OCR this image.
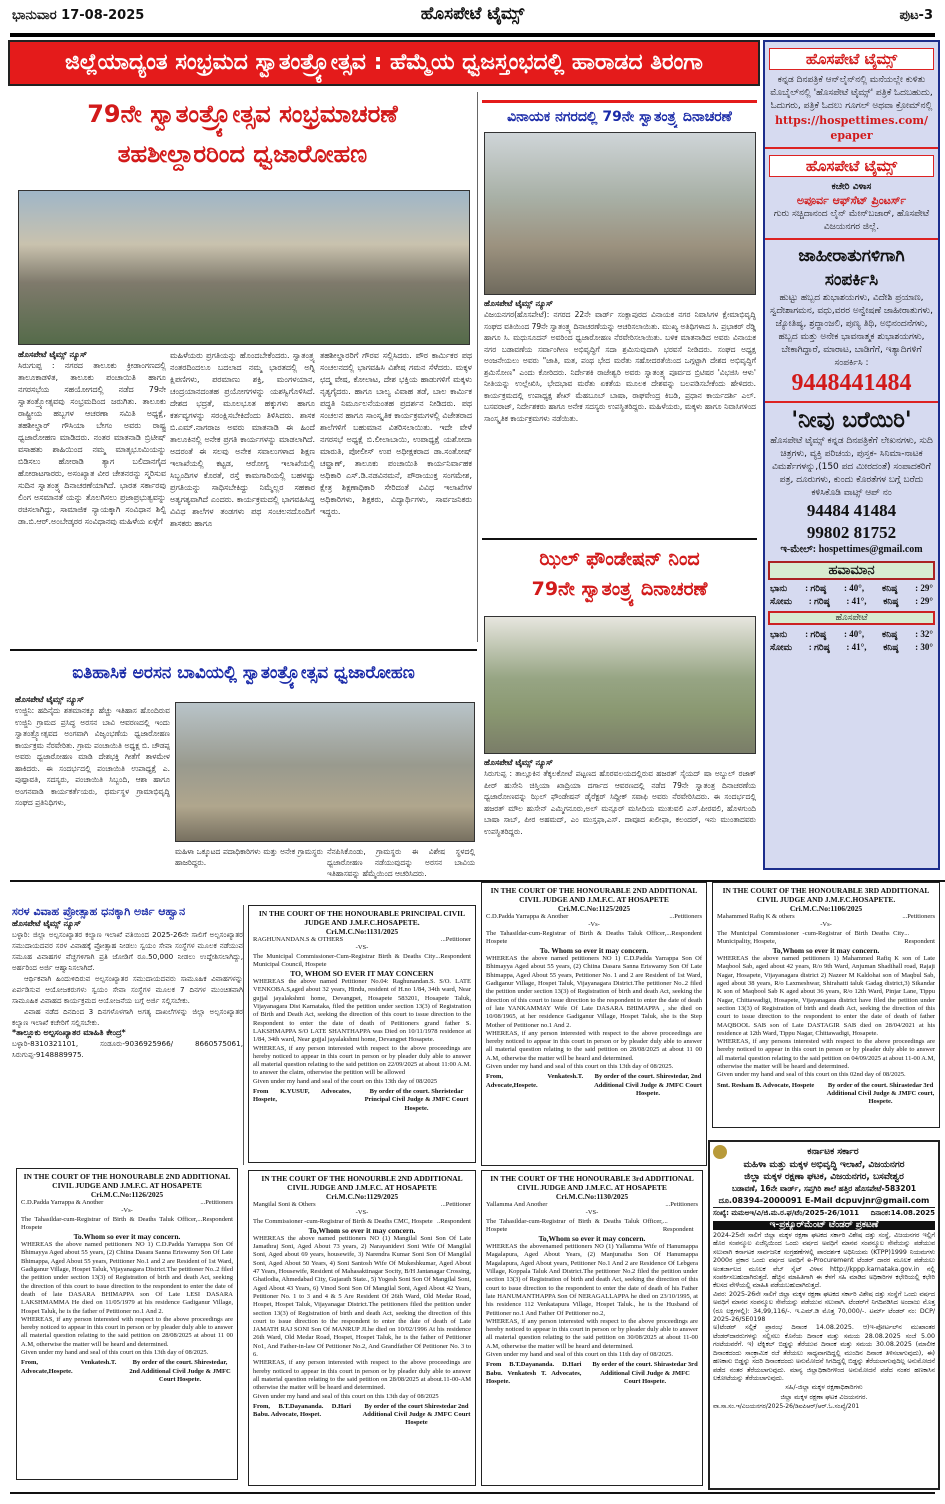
ಭಾನುವಾರ 17-08-2025	ಹೊಸಪೇಟೆ ಟೈಮ್ಸ್	ಪುಟ-3
ಜಿಲ್ಲೆಯಾದ್ಯಂತ ಸಂಭ್ರಮದ ಸ್ವಾತಂತ್ರ್ಯೋತ್ಸವ : ಹೆಮ್ಮೆಯ ಧ್ವಜಸ್ತಂಭದಲ್ಲಿ ಹಾರಾಡದ ತಿರಂಗಾ
79ನೇ ಸ್ವಾತಂತ್ರ್ಯೋತ್ಸವ ಸಂಭ್ರಮಾಚರಣೆ
ತಹಶೀಲ್ದಾರರಿಂದ ಧ್ವಜಾರೋಹಣ
ಹೊಸಪೇಟೆ ಟೈಮ್ಸ್ ನ್ಯೂಸ್
ಸಿರುಗುಪ್ಪ : ನಗರದ ತಾಲೂಕು ಕ್ರೀಡಾಂಗಣದಲ್ಲಿ ತಾಲೂಕಾಡಳಿತ, ತಾಲೂಕು ಪಂಚಾಯಿತಿ ಹಾಗೂ ನಗರಸಭೆಯ ಸಹಯೋಗದಲ್ಲಿ ನಡೆದ 79ನೇ ಸ್ವಾತಂತ್ರ್ಯೋತ್ಸವವು ಸಂಭ್ರಮದಿಂದ ಜರುಗಿತು. ತಾಲೂಕು ರಾಷ್ಟ್ರೀಯ ಹಬ್ಬಗಳ ಆಚರಣಾ ಸಮಿತಿ ಅಧ್ಯಕ್ಷೆ, ತಹಶೀಲ್ದಾರ್ ಗೌಸಿಯಾ ಬೇಗಂ ಅವರು ರಾಷ್ಟ್ರ ಧ್ವಜಾರೋಹಣ ಮಾಡಿದರು. ನಂತರ ಮಾತನಾಡಿ ಬ್ರಿಟೀಷ್ ವಸಾಹತು ಶಾಹಿಯಿಂದ ನಮ್ಮ ಮಾತೃಭೂಮಿಯನ್ನು ಬಿಡಿಸಲು ಹೋರಾಡಿ ತ್ಯಾಗ ಬಲಿದಾನಗೈದ ಹೋರಾಟಗಾರರು, ಅಸಂಖ್ಯಾತ ವೀರ ಚೇತನರನ್ನು ಸ್ಮರಿಸುವ ಸುದಿನ ಸ್ವಾತಂತ್ರ್ಯ ದಿನಾಚರಣೆಯಾಗಿದೆ. ಭಾರತ ಸರ್ಕಾರವು ಲಿಂಗ ಅಸಮಾನತೆ ಯನ್ನು ತೊಲಗಿಸಲು ಪ್ರಜಾಪ್ರಭುತ್ವವನ್ನು ರಚಿಸಲಾಗಿದ್ದು, ಸಾಮಾಜಿಕ ನ್ಯಾಯಕ್ಕಾಗಿ ಸಂವಿಧಾನ ಶಿಲ್ಪಿ ಡಾ.ಬಿ.ಆರ್.ಅಂಬೇಡ್ಕರರ ಸಂವಿಧಾನವು ಮಹಿಳೆಯ ಏಳ್ಗೆಗೆ
ಮಹಿಳೆಯರು ಪ್ರಗತಿಯನ್ನು ಹೊಂದಬೇಕೆಂದರು. ಸ್ವಾತಂತ್ರ್ಯ ನಂತರದಿಂದಲೂ ಬದಲಾದ ನಮ್ಮ ಭಾರತದಲ್ಲಿ ಅಗ್ನಿ ಕ್ಷಿಪಣಿಗಳು, ಪರಮಾಣು ಶಕ್ತಿ, ಮಂಗಳಯಾನ, ಚಂದ್ರಯಾನದಂತಹ ಪ್ರಯೋಗಗಳನ್ನು ಯಶಸ್ವಿಗೊಳಿಸಿದೆ. ದೇಶದ ಭದ್ರತೆ, ಮೂಲಭೂತ ಹಕ್ಕುಗಳು ಹಾಗೂ ಕರ್ತವ್ಯಗಳನ್ನು ಸರಂಕ್ಷಿಸಬೇಕಿದೆಂದು ತಿಳಿಸಿದರು. ಶಾಸಕ ಬಿ.ಎಮ್.ನಾಗರಾಜ ಅವರು ಮಾತನಾಡಿ ಈ ಹಿಂದೆ ತಾಲೂಕಿನಲ್ಲಿ ಅನೇಕ ಪ್ರಗತಿ ಕಾರ್ಯಗಳನ್ನು ಮಾಡಲಾಗಿದೆ. ಅದರಂತೆ ಈ ಸಲವು ಅನೇಕ ಸವಾಲುಗಳಾದ ಶಿಕ್ಷಣ ಇಲಾಖೆಯಲ್ಲಿ ಕಟ್ಟಡ, ಆರೋಗ್ಯ ಇಲಾಖೆಯಲ್ಲಿ ಸಿಬ್ಬಂದಿಗಳ ಕೊರತೆ, ರಸ್ತೆ ಕಾಮಗಾರಿಯಲ್ಲಿ ಬಹಳಷ್ಟು ಪ್ರಗತಿಯನ್ನು ಸಾಧಿಸಬೇಕಿದ್ದು ನಿಮ್ಮೆಲ್ಲರ ಸಹಕಾರ ಅತ್ಯಗತ್ಯವಾಗಿದೆ ಎಂದರು. ಕಾರ್ಯಕ್ರಮದಲ್ಲಿ ಭಾಗವಹಿಸಿದ್ದ ವಿವಿಧ ಶಾಲೆಗಳ ತಂಡಗಳು ಪಥ ಸಂಚಲನದೊಂದಿಗೆ ಶಾಸಕರು ಹಾಗೂ
ತಹಶೀಲ್ದಾರರಿಗೆ ಗೌರವ ಸಲ್ಲಿಸಿದರು. ಪೌರ ಕಾರ್ಮಿಕರ ಪಥ ಸಂಚಲನದಲ್ಲಿ ಭಾಗವಹಿಸಿ ವಿಶೇಷ ಗಮನ ಸೆಳೆದರು. ಮಕ್ಕಳ ಛದ್ಮ ವೇಷ, ಕೋಲಾಟ, ದೇಶ ಭಕ್ತಿಯ ಹಾಡುಗಳಿಗೆ ಮಕ್ಕಳು ನೃತ್ಯಗೈದರು. ಹಾಗೂ ಬಾಲ್ಯ ವಿವಾಹ ತಡೆ, ಬಾಲ ಕಾರ್ಮಿಕ ಪದ್ಧತಿ ನಿರ್ಮೂಲನೆಯಂತಹ ಪ್ರದರ್ಶನ ನೀಡಿದರು. ಪಥ ಸಂಚಲನ ಹಾಗೂ ಸಾಂಸ್ಕೃತಿಕ ಕಾರ್ಯಕ್ರಮಗಳಲ್ಲಿ ವಿಜೇತರಾದ ಶಾಲೆಗಳಿಗೆ ಬಹುಮಾನ ವಿತರಿಸಲಾಯಿತು. ಇದೇ ವೇಳೆ ನಗರಸಭೆ ಅಧ್ಯಕ್ಷೆ ಬಿ.ಲೀಲಾಬಾಯಿ, ಉಪಾಧ್ಯಕ್ಷೆ ಯಶೋದಾ ಮಾರುತಿ, ಪೋಲೀಸ್ ಉಪ ಅಧೀಕ್ಷಕರಾದ ಡಾ.ಸಂತೋಷ್ ಚವ್ಹಾಣ್, ತಾಲೂಕು ಪಂಚಾಯಿತಿ ಕಾರ್ಯನಿರ್ವಾಹಕ ಅಧಿಕಾರಿ ಎಸ್.ಡಿ.ನಡವಿನಮನೆ, ಪೌರಾಯುಕ್ತ ಸಂಗಮೇಶ, ಕ್ಷೇತ್ರ ಶಿಕ್ಷಣಾಧಿಕಾರಿ ಸೇರಿದಂತೆ ವಿವಿಧ ಇಲಾಖೆಗಳ ಅಧಿಕಾರಿಗಳು, ಶಿಕ್ಷಕರು, ವಿದ್ಯಾರ್ಥಿಗಳು, ಸಾರ್ವಜನಿಕರು ಇದ್ದರು.
ವಿನಾಯಕ ನಗರದಲ್ಲಿ 79ನೇ ಸ್ವಾತಂತ್ರ್ಯ ದಿನಾಚರಣೆ
ಹೊಸಪೇಟೆ ಟೈಮ್ಸ್ ನ್ಯೂಸ್
ವಿಜಯನಗರ(ಹೊಸಪೇಟೆ): ನಗರದ 22ನೇ ವಾರ್ಡ್ ಸಂಕ್ಲಾಪುರದ ವಿನಾಯಕ ನಗರ ನಿವಾಸಿಗಳ ಕ್ಷೇಮಾಭಿವೃದ್ಧಿ ಸಂಘದ ವತಿಯಿಂದ 79ನೇ ಸ್ವಾತಂತ್ರ್ಯ ದಿನಾಚರಣೆಯನ್ನು ಆಚರಿಸಲಾಯಿತು. ಮುಖ್ಯ ಅತಿಥಿಗಳಾದ ಸಿ. ಪ್ರಭಾಕರ್ ರೆಡ್ಡಿ ಹಾಗೂ ಸಿ. ಮಧುಸೂದನ್ ಅವರಿಂದ ಧ್ವಜಾರೋಹಣ ನೆರವೇರಿಸಲಾಯಿತು. ಬಳಿಕ ಮಾತನಾಡಿದ ಅವರು ವಿನಾಯಕ ನಗರ ಬಡಾವಣೆಯ ಸರ್ವಾಂಗೀಣ ಅಭಿವೃದ್ಧಿಗೆ ಸದಾ ಶ್ರಮಿಸುವುದಾಗಿ ಭರವಸೆ ನೀಡಿದರು. ಸಂಘದ ಅಧ್ಯಕ್ಷ ಅಂಜನೇಯಲು ಅವರು "ಜಾತಿ, ಮತ, ಪಂಥ ಭೇದ ಮರೆತು ಸಹೋದರತೆಯಿಂದ ಒಗ್ಗಟ್ಟಾಗಿ ದೇಶದ ಅಭಿವೃದ್ಧಿಗೆ ಶ್ರಮಿಸೋಣ" ಎಂದು ಕೋರಿದರು. ನಿರ್ದೇಶಕಿ ರಾಜೇಶ್ವರಿ ಅವರು ಸ್ವಾತಂತ್ರ್ಯ ಪೂರ್ವದ ಬ್ರಿಟಿಷರ 'ವಿಭಜಿಸಿ ಆಳು' ನೀತಿಯನ್ನು ಉಲ್ಲೇಖಿಸಿ, ಭೇದಭಾವ ಮರೆತು ಏಕತೆಯ ಮೂಲಕ ದೇಶವನ್ನು ಬಲಪಡಿಸಬೇಕೆಂದು ಹೇಳಿದರು. ಕಾರ್ಯಕ್ರಮದಲ್ಲಿ ಉಪಾಧ್ಯಕ್ಷ ಶೇಖ್ ಮೆಹಬೂಬ್ ಬಾಷಾ, ರಾಘವೇಂದ್ರ ಕಿಬಡಿ, ಪ್ರಧಾನ ಕಾರ್ಯದರ್ಶಿ ಎಲ್. ಬಸವರಾಜ್, ನಿರ್ದೇಶಕರು ಹಾಗೂ ಅನೇಕ ಸದಸ್ಯರು ಉಪಸ್ಥಿತರಿದ್ದರು. ಮಹಿಳೆಯರು, ಮಕ್ಕಳು ಹಾಗೂ ನಿವಾಸಿಗಳಿಂದ ಸಾಂಸ್ಕೃತಿಕ ಕಾರ್ಯಕ್ರಮಗಳು ನಡೆಯಿತು.
ಝಿಲ್ ಫೌಂಡೇಷನ್ ನಿಂದ
79ನೇ ಸ್ವಾತಂತ್ರ್ಯ ದಿನಾಚರಣೆ
ಹೊಸಪೇಟೆ ಟೈಮ್ಸ್ ನ್ಯೂಸ್
ಸಿರುಗುಪ್ಪ : ತಾಲ್ಲೂಕಿನ ತೆಕ್ಕಲಕೋಟೆ ಪಟ್ಟಣದ ಹೊರವಲಯದಲ್ಲಿರುವ ಹಜರತ್ ಸೈಯದ್ ಷಾ ಅಬ್ದುಲ್ ರಜಾಕ್ ಪೀರ್ ಹುಸೇನಿ ಚಿಸ್ತಿಯಾ ಖಾದ್ರಿಯಾ ದರ್ಗಾದ ಆವರಣದಲ್ಲಿ ನಡೆದ 79ನೇ ಸ್ವಾತಂತ್ರ ದಿನಾಚರಣೆಯ ಧ್ವಜಾರೋಣವನ್ನು ಝಿಲ್ ಫೌಂಡೇಷನ್ ಡೈರೆಕ್ಟರ್ ಸಿದ್ದೀಕ್ ಸವಾಫಿ ಅವರು ನೆರವೇರಿಸಿದರು. ಈ ಸಂದರ್ಭದಲ್ಲಿ ಹಜರತ್ ಮೌಲ ಹುಸೇನ್ ಎಮ್ಮಿಗನೂರು,ಅಲ್ ಮನ್ಸೂರ್ ಮಸೀದಿಯ ಮುತುವಲಿ ಎಸ್.ಪೀರವಲಿ, ಹೊಳಗುಂದಿ ಬಾಷಾ ಸಾಬ್, ಪೀರ ಅಹಮದ್, ಎಂ ಮುಸ್ತಫಾ,ಎಸ್. ದಾವೂದ ಖಲೀಫಾ, ಕಲಂದರ್, ಇನು ಮುಂತಾದವರು ಉಪಸ್ಥಿತರಿದ್ದರು.
ಐತಿಹಾಸಿಕ ಅರಸನ ಬಾವಿಯಲ್ಲಿ ಸ್ವಾತಂತ್ರ್ಯೋತ್ಸವ ಧ್ವಜಾರೋಹಣ
ಹೊಸಪೇಟೆ ಟೈಮ್ಸ್ ನ್ಯೂಸ್
ಉಜ್ಜಿನಿ: ಹದಿನೈದು ಶತಮಾನಕ್ಕೂ ಹೆಚ್ಚು ಇತಿಹಾಸ ಹೊಂದಿರುವ ಉಜ್ಜಿನಿ ಗ್ರಾಮದ ಪ್ರಸಿದ್ಧ ಅರಸನ ಬಾವಿ ಆವರಣದಲ್ಲಿ ಇಂದು ಸ್ವಾತಂತ್ರ್ಯೋತ್ಸವದ ಅಂಗವಾಗಿ ವಿಜೃಂಭಣೆಯ ಧ್ವಜಾರೋಹಣ ಕಾರ್ಯಕ್ರಮ ನೆರವೇರಿತು. ಗ್ರಾಮ ಪಂಚಾಯಿತಿ ಅಧ್ಯಕ್ಷ ಬಿ. ಚೌಡಪ್ಪ ಅವರು ಧ್ವಜಾರೋಹಣ ಮಾಡಿ ದೇಶಭಕ್ತಿ ಗೀತೆಗೆ ತಾಳಮೇಳ ಹಾಕಿದರು. ಈ ಸಂದರ್ಭದಲ್ಲಿ ಪಂಚಾಯಿತಿ ಉಪಾಧ್ಯಕ್ಷೆ ಎ. ಪುಷ್ಪಾವತಿ, ಸದಸ್ಯರು, ಪಂಚಾಯಿತಿ ಸಿಬ್ಬಂದಿ, ಆಶಾ ಹಾಗೂ ಅಂಗನವಾಡಿ ಕಾರ್ಯಕರ್ತೆಯರು, ಧರ್ಮಸ್ಥಳ ಗ್ರಾಮಾಭಿವೃದ್ಧಿ ಸಂಘದ ಪ್ರತಿನಿಧಿಗಳು,
ಮಹಿಳಾ ಒಕ್ಕೂಟದ ಪದಾಧಿಕಾರಿಗಳು ಮತ್ತು ಅನೇಕ ಗ್ರಾಮಸ್ಥರು ಹಾಜರಿದ್ದರು.
ನೆನಪಿಸಿಕೊಂಡು, ಗ್ರಾಮಸ್ಥರು ಈ ವಿಶೇಷ ಸ್ಥಳದಲ್ಲಿ ಧ್ವಜಾರೋಹಣ ನಡೆಯುವುದನ್ನು ಅರಸನ ಬಾವಿಯ ಇತಿಹಾಸವನ್ನು ಹೆಮ್ಮೆಯಿಂದ ಆಚರಿಸಿದರು.
ಹೊಸಪೇಟೆ ಟೈಮ್ಸ್
ಕನ್ನಡ ದಿನಪತ್ರಿಕೆ ಆನ್‌ಲೈನ್‌ನಲ್ಲಿ ಮನೆಯಲ್ಲೇ ಕುಳಿತು ಮೊಬೈಲ್‌ನಲ್ಲಿ 'ಹೊಸಪೇಟೆ ಟೈಮ್ಸ್' ಪತ್ರಿಕೆ ಓದಬಹುದು, ಓದುಗರು, ಪತ್ರಿಕೆ ಓದಲು ಗೂಗಲ್ ಅಥವಾ ಕ್ರೋಮ್‌ನಲ್ಲಿ
https://hospettimes.com/
epaper
ಹೊಸಪೇಟೆ ಟೈಮ್ಸ್
ಕಚೇರಿ ವಿಳಾಸ
ಅಪೂರ್ವ ಆಫ್‌ಸೆಟ್ ಪ್ರಿಂಟರ್ಸ್
ಗುರು ಸಚ್ಚಿದಾನಂದ ಲೈನ್ ಮೇನ್‌ಬಜಾರ್, ಹೊಸಪೇಟೆ ವಿಜಯನಗರ ಜಿಲ್ಲೆ.
ಜಾಹೀರಾತುಗಳಿಗಾಗಿ
ಸಂಪರ್ಕಿಸಿ
ಹುಟ್ಟು ಹಬ್ಬದ ಶುಭಾಶಯಗಳು, ವಿದೇಶಿ ಪ್ರಯಾಣ, ಸ್ವದೇಶಾಗಮನ, ವಧು,ವರರ ಅನ್ವೇಷಣೆ ಜಾಹೀರಾತುಗಳು, ಜ್ಯೋತಿಷ್ಯ, ಶ್ರದ್ಧಾಂಜಲಿ, ಪುಣ್ಯ ತಿಥಿ, ಅಭಿನಂದನೆಗಳು, ಹಬ್ಬದ ಮತ್ತು ಅನೇಕ ಭಾವನಾತ್ಮಕ ಶುಭಾಶಯಗಳು, ಬೇಕಾಗಿದ್ದಾರೆ, ಮಾರಾಟ, ಬಾಡಿಗೆಗೆ, ಇತ್ಯಾದಿಗಳಿಗೆ
ಸಂಪರ್ಕಿಸಿ :
9448441484
'ನೀವು ಬರೆಯಿರಿ'
ಹೊಸಪೇಟೆ ಟೈಮ್ಸ್ ಕನ್ನಡ ದಿನಪತ್ರಿಕೆಗೆ ಲೇಖನಗಳು, ಸುದಿ ಚಿತ್ರಗಳು, ವ್ಯಕ್ತಿ ಪರಿಚಯ, ಪುಸ್ತಕ- ಸಿನಿಮಾ-ನಾಟಕ ವಿಮರ್ಶೆಗಳನ್ನು,(150 ಪದ ಮೀರದಂತೆ) ಸಂಪಾದಕರಿಗೆ ಪತ್ರ, ದೂರುಗಳು, ಕುಂದು ಕೊರತೆಗಳ ಬಗ್ಗೆ ಬರೆದು ಕಳಿಸಿಕೊಡಿ ವಾಟ್ಸ್ ಆಪ್ ನಂ
94484 41484
99802 81752
ಇ-ಮೇಲ್: hospettimes@gmail.com
ಹವಾಮಾನ
ಭಾನು : ಗರಿಷ್ಠ : 40°, ಕನಿಷ್ಠ : 29°
ಸೋಮ : ಗರಿಷ್ಠ : 41°, ಕನಿಷ್ಠ : 29°
ಹೊಸಪೇಟೆ
ಭಾನು : ಗರಿಷ್ಠ : 40°, ಕನಿಷ್ಠ : 32°
ಸೋಮ : ಗರಿಷ್ಠ : 41°, ಕನಿಷ್ಠ : 30°
ಸರಳ ವಿವಾಹ ಪ್ರೋತ್ಸಾಹ ಧನಕ್ಕಾಗಿ ಅರ್ಜಿ ಆಹ್ವಾನ
ಹೊಸಪೇಟೆ ಟೈಮ್ಸ್ ನ್ಯೂಸ್
ಬಳ್ಳಾರಿ: ಜಿಲ್ಲಾ ಅಲ್ಪಸಂಖ್ಯಾತರ ಕಲ್ಯಾಣ ಇಲಾಖೆ ವತಿಯಿಂದ 2025-26ನೇ ಸಾಲಿಗೆ ಅಲ್ಪಸಂಖ್ಯಾತರ ಸಮುದಾಯದವರ ಸರಳ ವಿವಾಹಕ್ಕೆ ಪ್ರೋತ್ಸಾಹ ನೀಡಲು ಸ್ವಯಂ ಸೇವಾ ಸಂಸ್ಥೆಗಳ ಮೂಲಕ ನಡೆಯುವ ಸಮೂಹ ವಿವಾಹಗಳ ವೆಚ್ಚಗಳಿಗಾಗಿ ಪ್ರತಿ ಜೋಡಿಗೆ ರೂ.50,000 ನೀಡಲು ಉದ್ದೇಶಿಸಲಾಗಿದ್ದು, ಅರ್ಹರಿಂದ ಅರ್ಜಿ ಆಹ್ವಾನಿಸಲಾಗಿದೆ.
ಆರ್ಥಿಕವಾಗಿ ಹಿಂದುಳಿದಿರುವ ಅಲ್ಪಸಂಖ್ಯಾತರ ಸಮುದಾಯದವರು ಸಾಮೂಹಿಕ ವಿವಾಹಗಳನ್ನು ಏರ್ಪಡಿಸುವ ಆಯೋಜಕರುಗಳು ಸ್ವಯಂ ಸೇವಾ ಸಂಸ್ಥೆಗಳ ಮೂಲಕ 7 ದಿನಗಳ ಮುಂಚಿತವಾಗಿ ಸಾಮೂಹಿಕ ವಿವಾಹದ ಕಾರ್ಯಕ್ರಮದ ಆಯೋಜನೆಯ ಬಗ್ಗೆ ಅರ್ಜಿ ಸಲ್ಲಿಸಬೇಕು.
ವಿವಾಹ ನಡೆದ ದಿನದಿಂದ 3 ದಿನಗಳೊಳಗಾಗಿ ಅಗತ್ಯ ದಾಖಲೆಗಳನ್ನು ಜಿಲ್ಲಾ ಅಲ್ಪಸಂಖ್ಯಾತರ ಕಲ್ಯಾಣ ಇಲಾಖೆ ಕಚೇರಿಗೆ ಸಲ್ಲಿಸಬೇಕು.
*ತಾಲ್ಲೂಕು ಅಲ್ಪಸಂಖ್ಯಾತರ ಮಾಹಿತಿ ಕೇಂದ್ರ*
ಬಳ್ಳಾರಿ-8310321101, ಸಂಡೂರು-9036925966/ 8660575061, ಸಿರುಗುಪ್ಪ-9148889975.
IN THE COURT OF THE HONOURABLE PRINCIPAL CIVIL JUDGE AND J.M.F.C.HOSAPETE.
Cri.M.C.No:1131/2025
RAGHUNANDAN.S & OTHERS	...Petitioner
-VS-
The Municipal Commissioner-Cum-Registrar Birth & Deaths City Municipal Council, Hospete
...Respondent
TO, WHOM SO EVER IT MAY CONCERN
WHEREAS the above named Petitioner No.04: Raghunandan.S. S/O. LATE VENKOBA.S,aged about 32 years, Hindu, resident of H.no 1/84, 34th ward, Near gujjal jayalakshmi home, Devangpet, Hosapete 583201, Hosapete Taluk, Vijayanagara Dist Karnataka, filed the petition under section 13(3) of Registration of Birth and Death Act, seeking the direction of this court to issue direction to the Respondent to enter the date of death of Petitioners grand father S. LAKSHMAPPA S/O LATE SHANTHAPPA was Died on 10/11/1978 residence at 1/84, 34th ward, Near gujjal jayalakshmi home, Devangpet Hosapete.
WHEREAS, if any person interested with respect to the above proceedings are hereby noticed to appear in this court in person or by pleader duly able to answer all material question relating to the said petition on 22/09/2025 at about 11:00 A.M. to answer the claim, otherwise the petition will be allowed
Given under my hand and seal of the court on this 13th day of 08/2025
From K.YUSUF, Advocates, Hospete,
By order of the court. Sheristedar Principal Civil Judge & JMFC Court Hospete.
IN THE COURT OF THE HONOURABLE 2ND ADDITIONAL CIVIL JUDGE AND J.M.F.C. AT HOSAPETE
Cri.M.C.No:1125/2025
C.D.Padda Yarrappa & Another	...Petitioners
-Vs-
The Tahasildar-cum-Registrar of Birth & Deaths Taluk Officer, Hospete
...Respondent
To. Whom so ever it may concern.
WHEREAS the above named petitioners NO 1) C.D.Padda Yarrappa Son Of Bhimayya Aged about 55 years, (2) Chiina Dasara Sanna Eriswamy Son Of Late Bhimappa, Aged About 55 years, Petitioner No. 1 and 2 are Resident of 1st Ward, Gadiganur Village, Hospet Taluk, Vijayanagara District.The petitioner No..2 filed the petition under section 13(3) of Registration of birth and death Act, seeking the direction of this court to issue direction to the respondent to enter the date of death of late YANKAMMAY Wife Of Late DASARA BHIMAPPA , she died on 10/08/1965, at her residence Gadiganur Village, Hospet Taluk, she is the Step Mother of Petitioner no.1 And 2.
WHEREAS, if any person interested with respect to the above proceedings are hereby noticed to appear in this court in person or by pleader duly able to answer all material question relating to the said petition on 28/08/2025 at about 11 00 A.M, otherwise the matter will be heard and determined.
Given under my hand and seal of this court on this 13th day of 08/2025.
From, Venkatesh.T. Advocate,Hospete.
By order of the court. Shirestedar, 2nd Additional Civil Judge & JMFC Court Hospete.
IN THE COURT OF THE HONOURABLE 3RD ADDITIONAL CIVIL JUDGE AND J.M.F.C.HOSAPETE.
Cri.M.C.No:1106/2025
Mahammed Rafiq K & others	...Petitioners
-Vs-
The Municipal Commissioner -cum-Registrar of Birth Deaths City Municipality, Hospete,
... Respondent
To,Whom so ever it may concern.
WHEREAS the above named petitioners 1) Mahammed Rafiq K son of Late Maqbool Sab, aged about 42 years, R/o 9th Ward, Anjuman Shadihall road, Rajaji Nagar, Hosapete, Vijayanagara district 2) Nazeer M Kaldohai son of Maqbul Sab, aged about 38 years, R/o Laxmeshwar, Shirahatti taluk Gadag district,3) Sikandar K son of Maqbool Sab K aged about 36 years, R/o 12th Ward, Pinjar Lane, Tippu Nagar, Chittawadigi, Hosapete, Vijayanagara district have filed the petition under section 13(3) of Registration of birth and death Act, seeking the direction of this court to issue direction to the respondent to enter the date of death of father MAQBOOL SAB son of Late DASTAGIR SAB died on 28/04/2021 at his residence at 12th Ward, Tippu Nagar, Chittawadigi, Hosapete.
WHEREAS, if any persons interested with respect to the above proceedings are hereby noticed to appear in this court in person or by pleader duly able to answer all material question relating to the said petition on 04/09/2025 at about 11-00 A.M, otherwise the matter will be heard and determined.
Given under my hand and seal of this court on this 02nd day of 08/2025.
Smt. Resham B. Advocate, Hospete By order of the court. Shirastedar 3rd Additional Civil Judge & JMFC court, Hospete.
IN THE COURT OF THE HONOURABLE 2ND ADDITIONAL CIVIL JUDGE AND J.M.F.C. AT HOSAPETE
Cri.M.C.No:1126/2025
C.D.Padda Yarrappa & Another	...Petitioners
-Vs-
The Tahasildar-cum-Registrar of Birth & Deaths Taluk Officer, Hospete
...Respondent
To.Whom so ever it may concern.
WHEREAS the above named petitioners NO 1) C.D.Padda Yarrappa Son Of Bhimayya Aged about 55 years, (2) Chiina Dasara Sanna Eriswamy Son Of Late Bhimappa, Aged About 55 years, Petitioner No.1 and 2 are Resident of 1st Ward, Gadiganur Village, Hospet Taluk, Vijayanagara District.The petitioner No..2 filed the petition under section 13(3) of Registration of birth and death Act, seeking the direction of this court to issue direction to the respondent to enter the date of death of late DASARA BHIMAPPA son Of Late LESI DASARA LAKSHMAMMA He died on 11/05/1979 at his residence Gadiganur Village, Hospet Taluk, he is the father of Petitioner no.1 And 2.
WHEREAS, if any person interested with respect to the above proceedings are hereby noticed to appear in this court in person or by pleader duly able to answer all material question relating to the said petition on 28/08/2025 at about 11 00 A.M, otherwise the matter will be heard and determined.
Given under my hand and seal of this court on this 13th day of 08/2025.
From, Venkatesh.T. Advocate,Hospete.
By order of the court. Shirestedar, 2nd Additional Civil Judge & JMFC Court Hospete.
IN THE COURT OF THE HONOURBLE 2ND ADDITIONAL CIVIL JUDGE AND J.M.F.C. AT HOSAPETE
Cri.M.C.No:1129/2025
Mangilal Soni & Others	...Petitioner
-VS-
The Commissioner -cum-Registrar of Birth & Deaths CMC, Hospete ..Respondent
To,Whom so ever it may concern.
WHEREAS the above named petitioners NO (1) Mangilal Soni Son Of Late Jamathraj Soni, Aged About 73 years, 2) Narayanidevi Soni Wife Of Mangilal Soni, Aged about 69 years, housewife, 3) Narendra Kumar Soni Son Of Mangilal Soni, Aged About 50 Years, 4) Soni Santosh Wife Of Mukeshkumar, Aged About 47 Years, Housewife, Resident of Mahasaktinagar Socity, B/H Jantanagar Crossing, Ghatlodia, Ahmedabad City, Gujarath State., 5) Yogesh Soni Son Of Mangilal Soni, Aged About 43 Years, 6) Vinod Soni Son Of Mangilal Soni, Aged About 42 Years, Petitioner No. 1 to 3 and 4 & 5 Are Resident Of 26th Ward, Old Medar Road, Hospet, Hospet Taluk, Vijayanagar District.The petitioners filed the petition under section 13(3) of Registration of birth and death Act, seeking the direction of this court to issue direction to the respondent to enter the date of death of Late JAMATH RAJ SONI Son Of MANRUP JI.he died on 10/02/1996 At his residence 26th Ward, Old Medar Road, Hospet, Hospet Taluk, he is the father of Petitioner No1, And Father-in-law Of Petitioner No.2, And Grandfather Of Petitioner No. 3 to 6.
WHEREAS, if any person interested with respect to the above proceedings are hereby noticed to appear in this court in person or by pleader duly able to answer all material question relating to the said petition on 28/08/2025 at about.11-00-AM otherwise the matter will be heard and determined.
Given under my hand and seal of this court on this 13th day of 08/2025
From, B.T.Dayananda. D.Hari Babu. Advocate, Hospet.
By order of the court Shirestedar 2nd Additional Civil Judge & JMFC Court Hospete
IN THE COURT OF THE HONOURABLE 3rd ADDITIONAL CIVIL JUDGE AND J.M.F.C. AT HOSAPETE
Cri.M.C.No:1130/2025
Yallamma And Another	...Petitioners
-VS-
The Tahasildar-cum-Registrar of Birth & Deaths Taluk Officer, Hospete
... Respondent
To,Whom so ever it may concern.
WHEREAS the abovenamed petitioners NO (1) Yallamma Wife of Hanumappa Magalapura, Aged About Years, (2) Manjunatha Son Of Hanumappa Magalapura, Aged About years, Petitioner No.1 And 2 are Residence Of Lebgera Village, Koppala Taluk And District.The petitioner No.2 filed the petition under section 13(3) of Registration of birth and death Act, seeking the direction of this court to issue direction to the respondent to enter the date of death of his Father late HANUMANTHAPPA Son Of NERAGALLAPPA he died on 23/10/1995, at his residence 112 Venkatapura Village, Hospet Taluk., he is the Husband of Petitioner no.1 And Father Of Petitioner no.2,
WHEREAS, if any person interested with respect to the above proceedings are hereby noticed to appear in this court in person or by pleader duly able to answer all material question relating to the said petition on 30/08/2025 at about 11-00 A.M, otherwise the matter will be heard and determined.
Given under my hand and seal of this court on this 11th day of 08/2025.
From B.T.Dayananda. D.Hari Babu. Venkatesh T. Advocates, Hospete.
By order of the court. Shirastedar 3rd Additional Civil Judge & JMFC Court Hospete.
ಕರ್ನಾಟಕ ಸರ್ಕಾರ
ಮಹಿಳಾ ಮತ್ತು ಮಕ್ಕಳ ಅಭಿವೃದ್ಧಿ ಇಲಾಖೆ, ವಿಜಯನಗರ
ಜಿಲ್ಲಾ ಮಕ್ಕಳ ರಕ್ಷಣಾ ಘಟಕ, ವಿಜಯನಗರ, ಬಸವೇಶ್ವರ
ಬಡಾವಣೆ, 16ನೇ ವಾರ್ಡ್, ಸಪ್ತಗಿರಿ ಶಾಲೆ ಹತ್ತಿರ ಹೊಸಪೇಟೆ-583201
ದೂ.08394-2000091 E-Mail dcpuvjnr@gmail.com
ಸಂಖ್ಯೆ: ಮಮಅಇ/ವಿ/ಜಿ.ಮ.ರ.ಘ/ಟೆಂ/2025-26/1011 ದಿನಾಂಕ:14.08.2025
ಇ-ಪ್ರಕ್ಯೂರ್‌ಮೆಂಟ್ ಟೆಂಡರ್ ಪ್ರಕಟಣೆ
2024-25ನೇ ಸಾಲಿಗೆ ಜಿಲ್ಲಾ ಮಕ್ಕಳ ರಕ್ಷಣಾ ಘಟಕದ ಸರ್ಕಾರಿ ವಿಶೇಷ ದತ್ತು ಸಂಸ್ಥೆ, ವಿಜಯನಗರ ಇಲ್ಲಿಗೆ ಹೊರ ಸಂಪನ್ಮೂಲ ಏಜೆನ್ಸಿಯಿಂದ ಒಂದು ವರ್ಷದ ಅವಧಿಗೆ ಮಾನವ ಸಂಪನ್ಮೂಲ ಸೇವೆಯನ್ನು ಪಡೆಯುವ ಸಲುವಾಗಿ ಕರ್ನಾಟಕ ಸಾರ್ವಜನಿಕ ಸಂಗ್ರಹಣೆಗಳಲ್ಲಿ ಪಾರದರ್ಶಕ ಅಧಿನಿಯಮ (KTPP)1999 ನಿಯಮಗಳು 2000ರ ಪ್ರಕಾರ ಒಂದು ವರ್ಷದ ಅವಧಿಗೆ e-Procurement ಟೆಂಡರ್ ದಾರರ ಮೂಲಕ ಪಡೆಯಲು ಅಂತರ್ಜಾಲದ ಮೂಲಕ ವೆಬ್ ಸೈಟ್ ವಿಳಾಸ http://kppp.karnataka.gov.in ನಲ್ಲಿ ಸಂಪರ್ಕಿಸಬಹುದಾಗಿರುತ್ತದೆ. ಹೆಚ್ಚಿನ ಮಾಹಿತಿಗಾಗಿ ಈ ಕೆಳಗೆ ಸಹಿ ಮಾಡಿದ ಅಧಿಕಾರಿಗಳ ಕಛೇರಿಯಲ್ಲಿ ಕಛೇರಿ ಕೆಲಸದ ವೇಳೆಯಲ್ಲಿ ಮಾಹಿತಿ ಪಡೆಯಬಹುದಾಗಿರುತ್ತದೆ.
ವಿವರ: 2025-26ನೇ ಸಾಲಿಗೆ ಜಿಲ್ಲಾ ಮಕ್ಕಳ ರಕ್ಷಣಾ ಘಟಕದ ಸರ್ಕಾರಿ ವಿಶೇಷ ದತ್ತು ಸಂಸ್ಥೆಗೆ ಒಂದು ವರ್ಷದ ಅವಧಿಗೆ ಮಾನವ ಸಂಪನ್ಮೂಲ ಸೇವೆಯನ್ನು ಪಡೆಯುವ ಸಲುವಾಗಿ. ಟೆಂಡರ್‌ಗೆ ನಿಗದಿಪಡಿಸಿದ ಅಂದಾಜು ಮೊತ್ತ (ರೂ ಲಕ್ಷಗಳಲ್ಲಿ): 34,99,116/-. ಇ.ಎಮ್.ಡಿ ಮೊತ್ತ 70,000/-. ಟರ್ಮ್ ಟೆಂಡರ್ ನಂ: DCP/ 2025-26/SE0198
ಅ)ಟೆಂಡರ್ ಸಲ್ಲಿಕೆ ಪ್ರಾರಂಭ ದಿನಾಂಕ 14.08.2025. ಆ)ಇ-ಪೋರ್ಟಲ್‌ನ ಮುಖಾಂತರ ಟೆಂಡರ್‌ದಾರರುಗಳನ್ನು ಸಲ್ಲಿಸಲು ಕೊನೆಯ ದಿನಾಂಕ ಮತ್ತು ಸಮಯ 28.08.2025 ಸಂಜೆ 5.00 ಗಂಟೆಯವರೆಗೆ. ಇ) ಟೆಕ್ನಿಕಲ್ ಬಿಡ್ಡನ್ನು ತೆರೆಯುವ ದಿನಾಂಕ ಮತ್ತು ಸಮಯ 30.08.2025 (ಮಾಲೀಕ ದಿನಾಂಕದಂದು ಸಾಂಕ್ರಾಮಿಕ ರಜೆ ತೆರೆಯಲು ಸಾಧ್ಯವಾಗದಿದ್ದಲ್ಲಿ ಮುಂದಿನ ದಿನಾಂಕ ತಿಳಿಸಲಾಗುವುದು), ಈ) ಹಣಕಾಸು ಬಿಡ್ಡನ್ನು ಸದರಿ ದಿನಾಂಕದಂದು ಅನುಮೋದನೆ ಸಿಗದಿದ್ದಲ್ಲಿ ಬಿಡ್ಡನ್ನು ತೆರೆಯಲಾಗುವುದಿಲ್ಲ ಅನುಮೋದನೆ ಪಡೆದ ನಂತರ ತೆರೆಯಲಾಗುವುದು. ಮಾನ್ಯ ಜಿಲ್ಲಾಧಿಕಾರಿಗಳಿಂದ ಅನುಮೋದನೆ ಪಡೆದ ನಂತರ ಹಣಕಾಸಿನ ಲಕೋಟೆಯನ್ನು ತೆರೆಯಲಾಗುವುದು.
ಸಹಿ/-ಜಿಲ್ಲಾ ಮಕ್ಕಳ ರಕ್ಷಣಾಧಿಕಾರಿಗಳು
ಜಿಲ್ಲಾ ಮಕ್ಕಳ ರಕ್ಷಣಾ ಘಟಕ ವಿಜಯನಗರ.
ವಾ.ಸಾ.ಸಂ.ಇ/ವಿಜಯನಗರ/2025-26/ಡಿಐಪಿಆರ್/ಆರ್.ಓ.ಸಂಖ್ಯೆ/201
